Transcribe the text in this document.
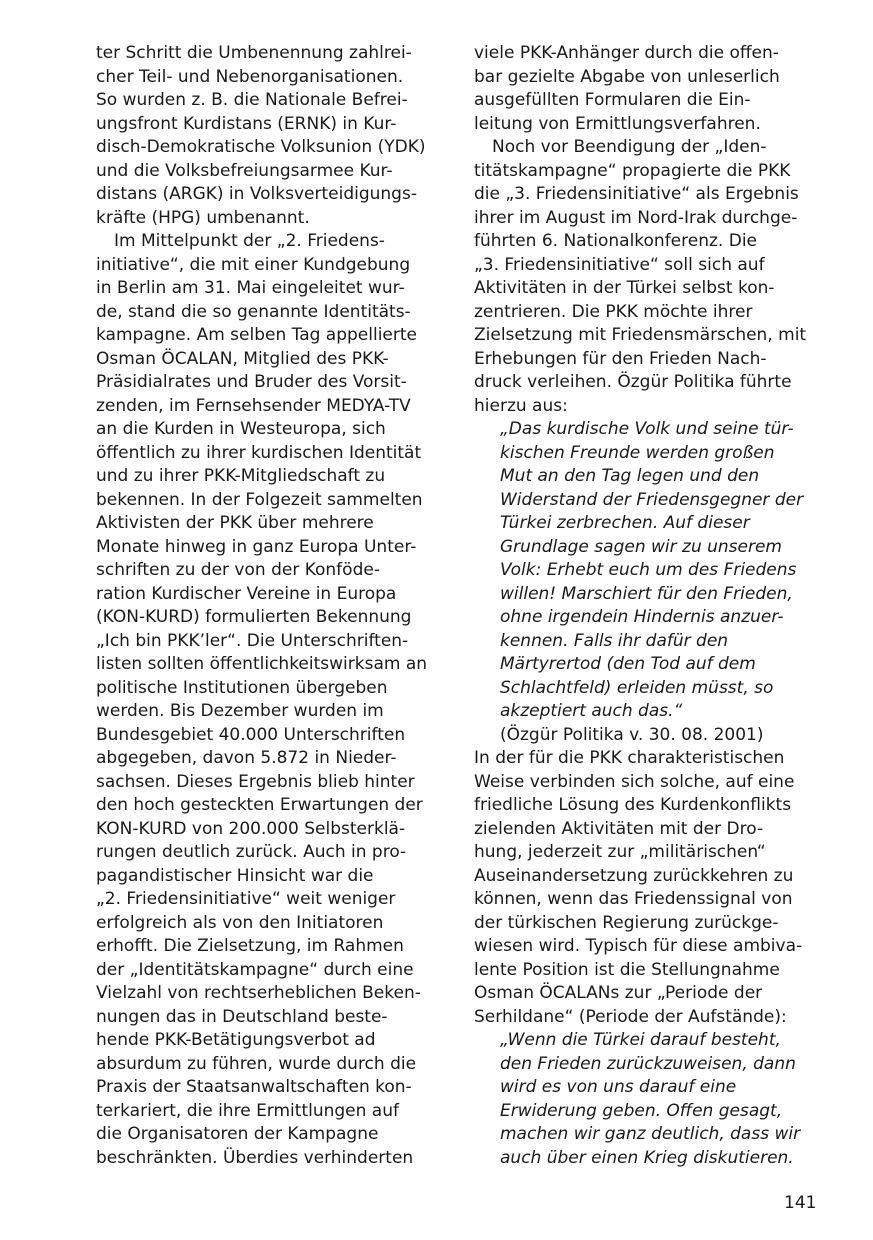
ter Schritt die Umbenennung zahlrei-
cher Teil- und Nebenorganisationen.
So wurden z. B. die Nationale Befrei-
ungsfront Kurdistans (ERNK) in Kur-
disch-Demokratische Volksunion (YDK)
und die Volksbefreiungsarmee Kur-
distans (ARGK) in Volksverteidigungs-
kräfte (HPG) umbenannt.
Im Mittelpunkt der „2. Friedens-
initiative“, die mit einer Kundgebung
in Berlin am 31. Mai eingeleitet wur-
de, stand die so genannte Identitäts-
kampagne. Am selben Tag appellierte
Osman ÖCALAN, Mitglied des PKK-
Präsidialrates und Bruder des Vorsit-
zenden, im Fernsehsender MEDYA-TV
an die Kurden in Westeuropa, sich
öffentlich zu ihrer kurdischen Identität
und zu ihrer PKK-Mitgliedschaft zu
bekennen. In der Folgezeit sammelten
Aktivisten der PKK über mehrere
Monate hinweg in ganz Europa Unter-
schriften zu der von der Konföde-
ration Kurdischer Vereine in Europa
(KON-KURD) formulierten Bekennung
„Ich bin PKK’ler“. Die Unterschriften-
listen sollten öffentlichkeitswirksam an
politische Institutionen übergeben
werden. Bis Dezember wurden im
Bundesgebiet 40.000 Unterschriften
abgegeben, davon 5.872 in Nieder-
sachsen. Dieses Ergebnis blieb hinter
den hoch gesteckten Erwartungen der
KON-KURD von 200.000 Selbsterklä-
rungen deutlich zurück. Auch in pro-
pagandistischer Hinsicht war die
„2. Friedensinitiative“ weit weniger
erfolgreich als von den Initiatoren
erhofft. Die Zielsetzung, im Rahmen
der „Identitätskampagne“ durch eine
Vielzahl von rechtserheblichen Beken-
nungen das in Deutschland beste-
hende PKK-Betätigungsverbot ad
absurdum zu führen, wurde durch die
Praxis der Staatsanwaltschaften kon-
terkariert, die ihre Ermittlungen auf
die Organisatoren der Kampagne
beschränkten. Überdies verhinderten
viele PKK-Anhänger durch die offen-
bar gezielte Abgabe von unleserlich
ausgefüllten Formularen die Ein-
leitung von Ermittlungsverfahren.
Noch vor Beendigung der „Iden-
titätskampagne“ propagierte die PKK
die „3. Friedensinitiative“ als Ergebnis
ihrer im August im Nord-Irak durchge-
führten 6. Nationalkonferenz. Die
„3. Friedensinitiative“ soll sich auf
Aktivitäten in der Türkei selbst kon-
zentrieren. Die PKK möchte ihrer
Zielsetzung mit Friedensmärschen, mit
Erhebungen für den Frieden Nach-
druck verleihen. Özgür Politika führte
hierzu aus:
„Das kurdische Volk und seine tür-
kischen Freunde werden großen
Mut an den Tag legen und den
Widerstand der Friedensgegner der
Türkei zerbrechen. Auf dieser
Grundlage sagen wir zu unserem
Volk: Erhebt euch um des Friedens
willen! Marschiert für den Frieden,
ohne irgendein Hindernis anzuer-
kennen. Falls ihr dafür den
Märtyrertod (den Tod auf dem
Schlachtfeld) erleiden müsst, so
akzeptiert auch das.“
(Özgür Politika v. 30. 08. 2001)
In der für die PKK charakteristischen
Weise verbinden sich solche, auf eine
friedliche Lösung des Kurdenkonflikts
zielenden Aktivitäten mit der Dro-
hung, jederzeit zur „militärischen“
Auseinandersetzung zurückkehren zu
können, wenn das Friedenssignal von
der türkischen Regierung zurückge-
wiesen wird. Typisch für diese ambiva-
lente Position ist die Stellungnahme
Osman ÖCALANs zur „Periode der
Serhildane“ (Periode der Aufstände):
„Wenn die Türkei darauf besteht,
den Frieden zurückzuweisen, dann
wird es von uns darauf eine
Erwiderung geben. Offen gesagt,
machen wir ganz deutlich, dass wir
auch über einen Krieg diskutieren.
141
